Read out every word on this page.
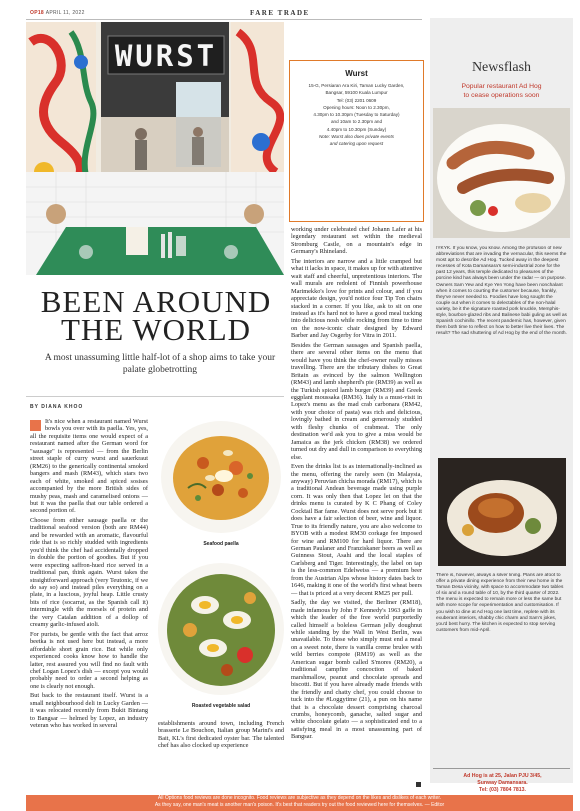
OP18 APRIL 11, 2022	FARE TRADE
WURST
Wurst
15-G, Persiaran Ara Kiri, Taman Lucky Garden,
Bangsar, 59100 Kuala Lumpur
Tel: (03) 2201 0609
Opening hours: Noon to 2.30pm,
4.30pm to 10.30pm (Tuesday to Saturday)
and 10am to 2.30pm and
4.40pm to 10.30pm (Sunday)
Note: Wurst also does private events
and catering upon request
BEEN AROUND
THE WORLD
A most unassuming little half-lot of a shop aims to take your palate globetrotting
BY DIANA KHOO

It's nice when a restaurant named Wurst bowls you over with its paella. Yes, yes, all the requisite items one would expect of a restaurant named after the German word for "sausage" is represented — from the Berlin street staple of curry wurst and sauerkraut (RM26) to the generically continental smoked bangers and mash (RM43), which stars two each of white, smoked and spiced sosises accompanied by the more British sides of mushy peas, mash and caramelised onions — but it was the paella that our table ordered a second portion of.

Choose from either sausage paella or the traditional seafood version (both are RM44) and be rewarded with an aromatic, flavourful ride that is so richly studded with ingredients you'd think the chef had accidentally dropped in double the portion of goodies. But if you were expecting saffron-hued rice served in a traditional pan, think again. Wurst takes the straightforward approach (very Teutonic, if we do say so) and instead piles everything on a plate, in a luscious, joyful heap. Little crusty bits of rice (socarrat, as the Spanish call it) intermingle with the morsels of protein and the very Catalan addition of a dollop of creamy garlic-infused aioli.

For purists, be gentle with the fact that arroz beetka is not used here but instead, a more affordable short grain rice. But while only experienced cooks know how to handle the latter, rest assured you will find no fault with chef Logan Lopez's dish — except you would probably need to order a second helping as one is clearly not enough.

But back to the restaurant itself. Wurst is a small neighbourhood deli in Lucky Garden — it was relocated recently from Bukit Bintang to Bangsar — helmed by Lopez, an industry veteran who has worked in several

Seafood paella
Roasted vegetable salad

establishments around town, including French brasserie Le Bouchon, Italian group Marini's and Bait, KL's first dedicated oyster bar. The talented chef has also clocked up experience

working under celebrated chef Johann Lafer at his legendary restaurant set within the medieval Stromburg Castle, on a mountain's edge in Germany's Rhineland.

The interiors are narrow and a little cramped but what it lacks in space, it makes up for with attentive wait staff and cheerful, unpretentious interiors. The wall murals are redolent of Finnish powerhouse Marimekko's love for prints and colour, and if you appreciate design, you'd notice four Tip Ton chairs stacked in a corner. If you like, ask to sit on one instead as it's hard not to have a good meal tucking into delicious nosh while rocking from time to time on the now-iconic chair designed by Edward Barber and Jay Osgerby for Vitra in 2011.

Besides the German sausages and Spanish paella, there are several other items on the menu that would have you think the chef-owner really misses travelling. There are the tributary dishes to Great Britain as evinced by the salmon Wellington (RM43) and lamb shepherd's pie (RM39) as well as the Turkish spiced lamb burger (RM39) and Greek eggplant moussaka (RM36). Italy is a must-visit in Lopez's menu as the mad crab carbonara (RM42, with your choice of pasta) was rich and delicious, lovingly bathed in cream and generously studded with fleshy chunks of crabmeat. The only destination we'd ask you to give a miss would be Jamaica as the jerk chicken (RM38) we ordered turned out dry and dull in comparison to everything else.

Even the drinks list is as internationally-inclined as the menu, offering the rarely seen (in Malaysia, anyway) Peruvian chicha morada (RM17), which is a traditional Andean beverage made using purple corn. It was only then that Lopez let on that the drinks menu is curated by K C Phang of Coley Cocktail Bar fame. Wurst does not serve pork but it does have a fair selection of beer, wine and liquor. True to its friendly nature, you are also welcome to BYOB with a modest RM30 corkage fee imposed for wine and RM100 for hard liquor. There are German Paulaner and Franziskaner beers as well as Guinness Stout, Asahi and the local staples of Carlsberg and Tiger. Interestingly, the label on tap is the less-common Edelweiss — a premium beer from the Austrian Alps whose history dates back to 1646, making it one of the world's first wheat beers — that is priced at a very decent RM25 per pull.

Sadly, the day we visited, the Berliner (RM18), made infamous by John F Kennedy's 1963 gaffe in which the leader of the free world purportedly called himself a boleless German jelly doughnut while standing by the Wall in West Berlin, was unavailable. To those who simply must end a meal on a sweet note, there is vanilla creme brulee with wild berries compote (RM19) as well as the American sugar bomb called S'mores (RM20), a traditional campfire concoction of baked marshmallow, peanut and chocolate spreads and biscotti. But if you have already made friends with the friendly and chatty chef, you could choose to tuck into the #Loggytime (21), a pun on his name that is a chocolate dessert comprising charcoal crumbs, honeycomb, ganache, salted sugar and white chocolate gelato — a sophisticated end to a satisfying meal in a most unassuming part of Bangsar.

Newsflash
Popular restaurant Ad Hog
to cease operations soon
IYKYK. If you know, you know. Among the profusion of new abbreviations that are invading the vernacular, this seems the most apt to describe Ad Hog. Tucked away in the deepest recesses of Kota Damansara's semi-industrial zone for the past 12 years, this temple dedicated to pleasures of the porcine kind has always been under the radar — on purpose. Owners Sam Yew and Kye Yen Yong have been nonchalant when it comes to courting the customer because, frankly, they've never needed to. Foodies have long sought the couple out when it comes to delectables of the non-halal variety, be it the signature roasted pork knuckle, Memphis-style, bourbon-glazed ribs and Balinese babi guling as well as Spanish cochinillo. The recent pandemic has, however, given them both time to reflect on how to better live their lives. The result? The sad shuttering of Ad Hog by the end of the month.
There is, however, always a silver lining. Plans are afoot to offer a private dining experience from their new home in the Taman Desa vicinity, with space to accommodate two tables of six and a round table of 10, by the third quarter of 2022. The menu is expected to remain more or less the same but with more scope for experimentation and customisation. If you wish to dine at Ad Hog one last time, replete with its exuberant interiors, shabby chic charm and Sam's jokes, you'd best hurry. The kitchen is expected to stop serving customers from mid-April.
Ad Hog is at 25, Jalan PJU 3/45,
Sunway Damansara.
Tel: (03) 7804 7813.
All Options food reviews are done incognito. Food reviews are subjective as they depend on the likes and dislikes of each writer.
As they say, one man's meat is another man's poison. It's best that readers try out the food reviewed here for themselves. — Editor
